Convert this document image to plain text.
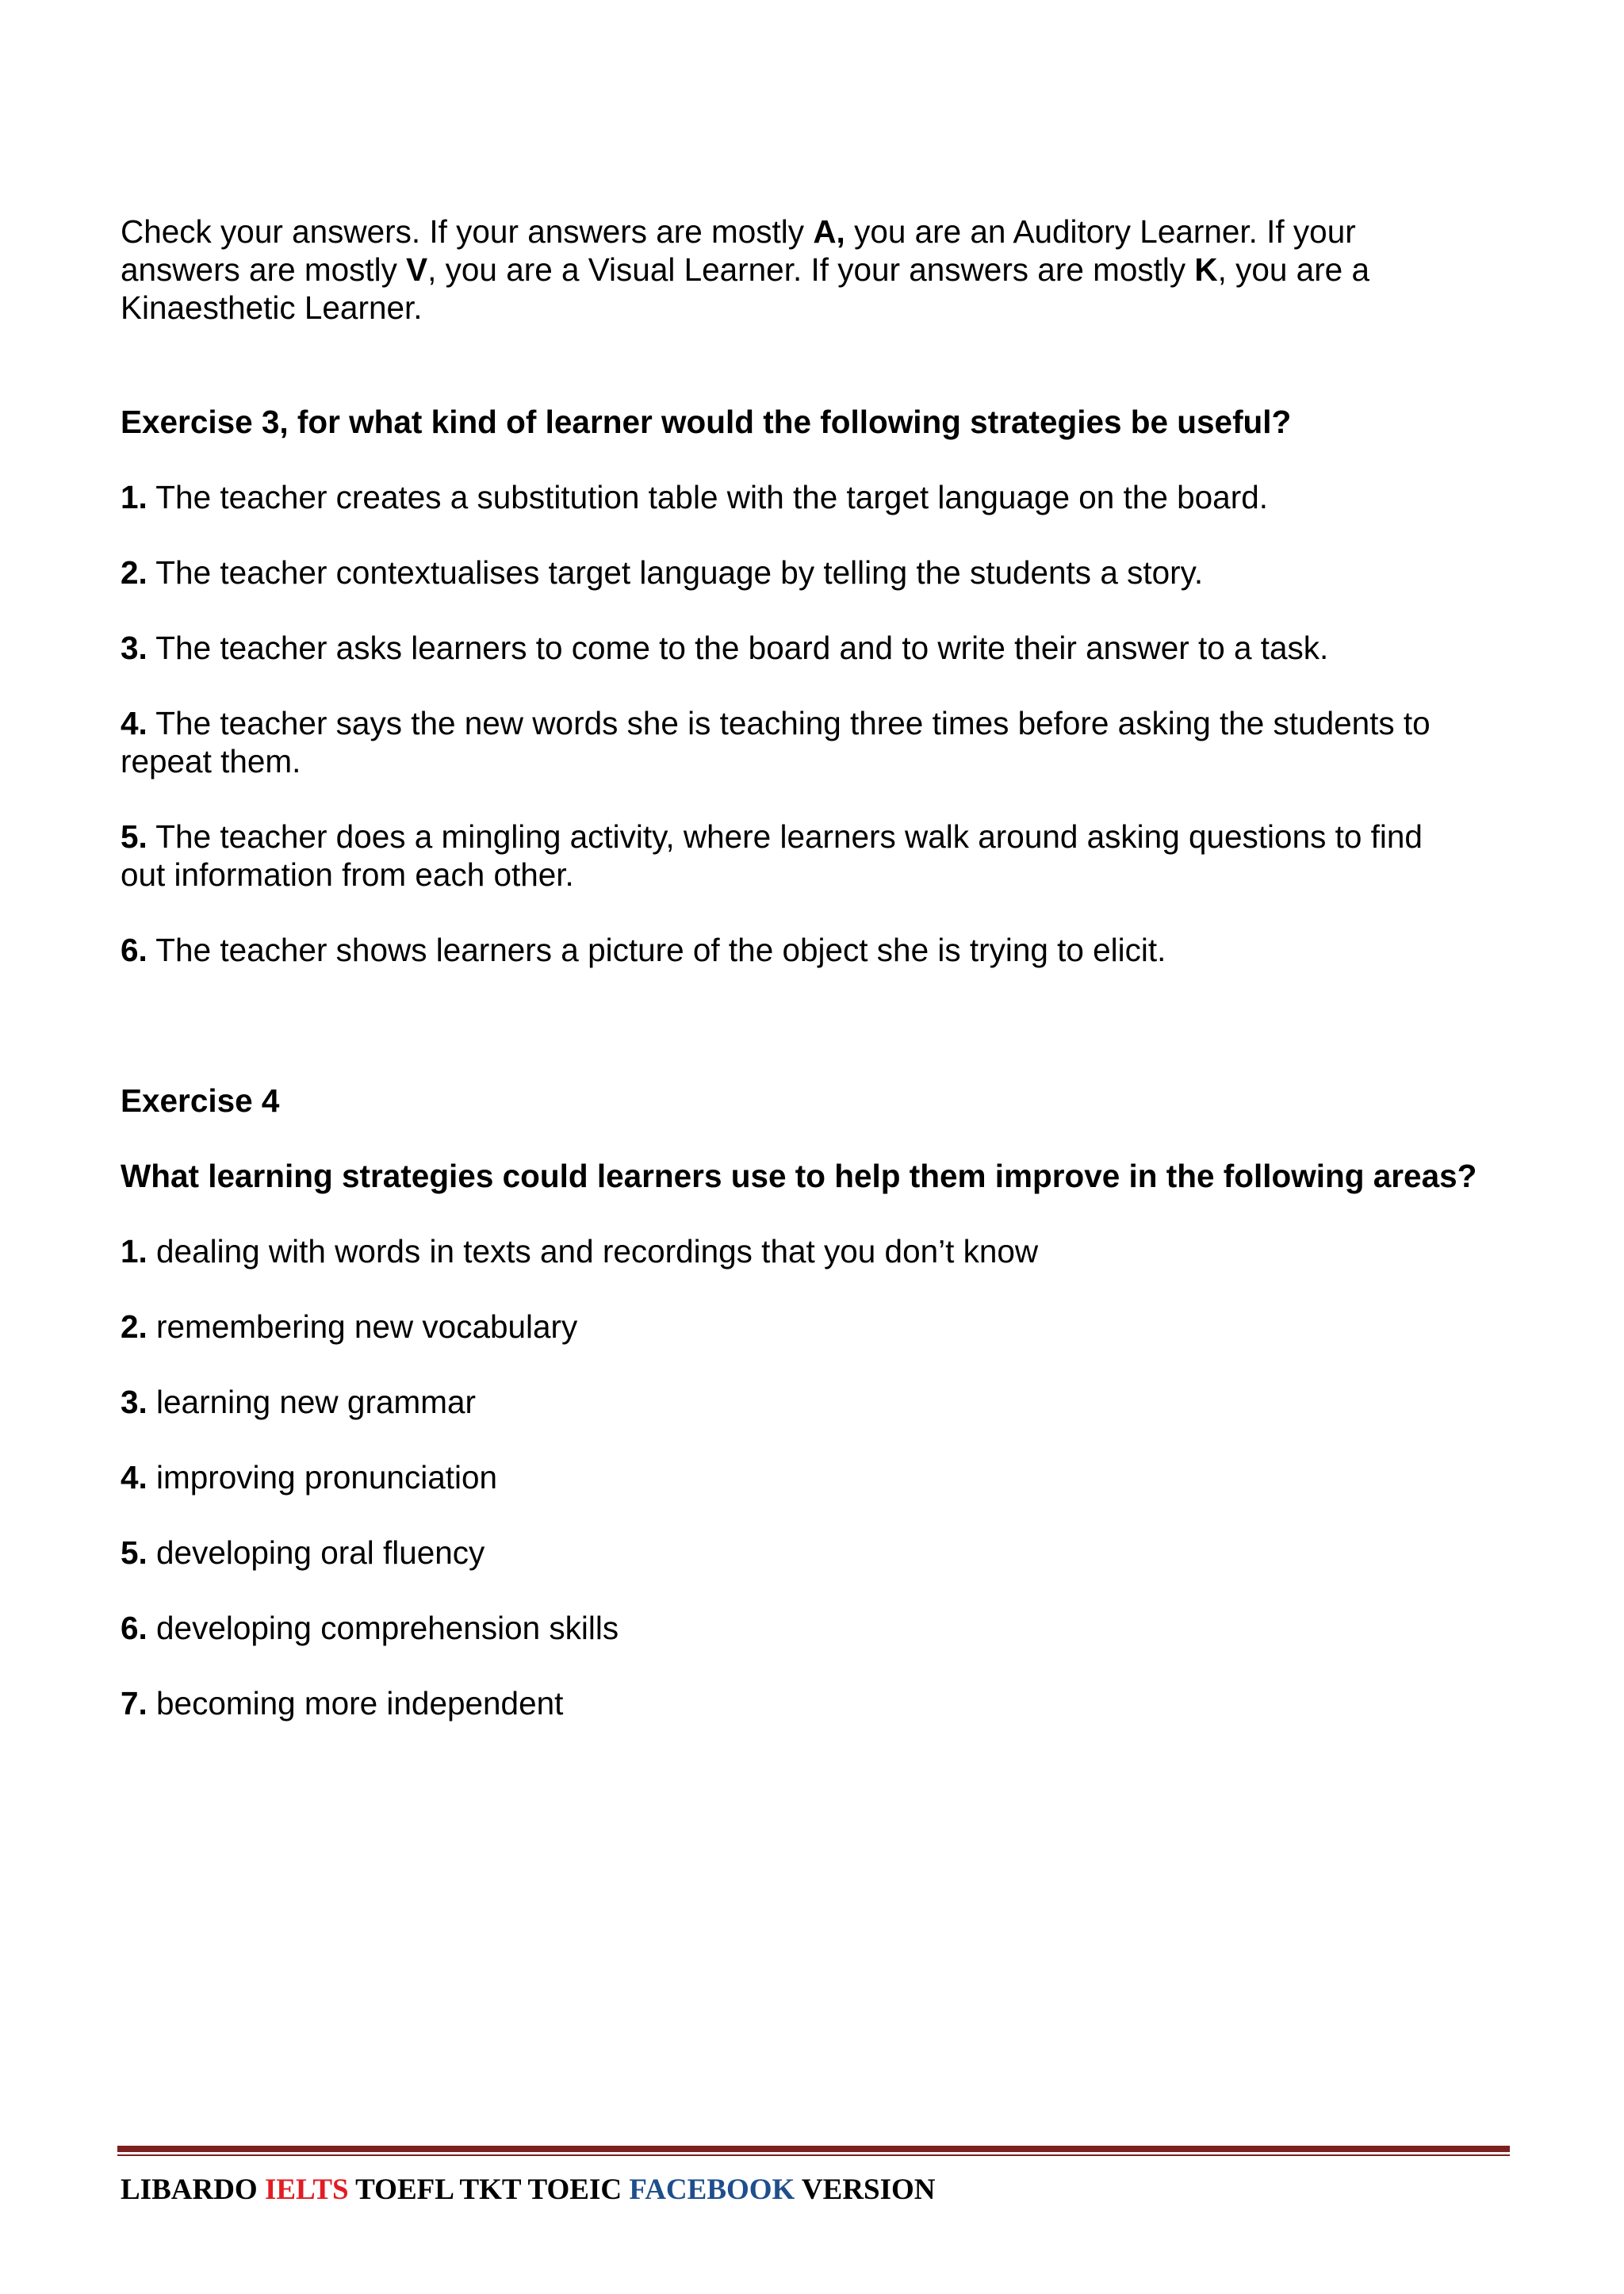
Check your answers. If your answers are mostly A, you are an Auditory Learner. If your

answers are mostly V, you are a Visual Learner. If your answers are mostly K, you are a

Kinaesthetic Learner.

Exercise 3, for what kind of learner would the following strategies be useful?

1. The teacher creates a substitution table with the target language on the board.

2. The teacher contextualises target language by telling the students a story.

3. The teacher asks learners to come to the board and to write their answer to a task.

4. The teacher says the new words she is teaching three times before asking the students to

repeat them.

5. The teacher does a mingling activity, where learners walk around asking questions to find

out information from each other.

6. The teacher shows learners a picture of the object she is trying to elicit.

Exercise 4

What learning strategies could learners use to help them improve in the following areas?

1. dealing with words in texts and recordings that you don’t know

2. remembering new vocabulary

3. learning new grammar

4. improving pronunciation

5. developing oral fluency

6. developing comprehension skills

7. becoming more independent

LIBARDO IELTS TOEFL TKT TOEIC FACEBOOK VERSION
